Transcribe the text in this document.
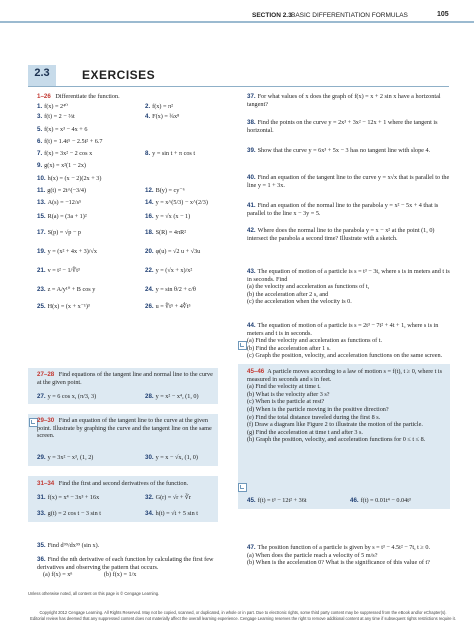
SECTION 2.3 BASIC DIFFERENTIATION FORMULAS	105
2.3	EXERCISES
1–26 Differentiate the function.
1. f(x) = 2⁴⁰	2. f(x) = π²
3. f(t) = 2 − ⅔t	4. F(x) = ¾x⁸
5. f(x) = x³ − 4x + 6
6. f(t) = 1.4t⁵ − 2.5t² + 6.7
7. f(x) = 3x² − 2 cos x	8. y = sin t + π cos t
9. g(x) = x²(1 − 2x)
10. h(x) = (x − 2)(2x + 3)
11. g(t) = 2t^(−3/4)	12. B(y) = cy⁻⁶
13. A(s) = −12/s⁵	14. y = x^(5/3) − x^(2/3)
15. R(a) = (3a + 1)²	16. y = √x (x − 1)
17. S(p) = √p − p	18. S(R) = 4πR²
19. y = (x² + 4x + 3)/√x	20. φ(u) = √2 u + √3u
21. v = t² − 1/∜t³	22. y = (√x + x)/x²
23. z = A/y¹⁰ + B cos y	24. y = sin θ/2 + c/θ
25. H(x) = (x + x⁻¹)³	26. u = ∜t⁵ + 4∜t⁵
27–28 Find equations of the tangent line and normal line to the curve at the given point.
27. y = 6 cos x, (π/3, 3)	28. y = x² − x⁴, (1, 0)
29–30 Find an equation of the tangent line to the curve at the given point. Illustrate by graphing the curve and the tangent line on the same screen.
29. y = 3x² − x³, (1, 2)	30. y = x − √x, (1, 0)
31–34 Find the first and second derivatives of the function.
31. f(x) = x⁴ − 3x³ + 16x	32. G(r) = √r + ∛r
33. g(t) = 2 cos t − 3 sin t	34. h(t) = √t + 5 sin t
35. Find d⁹⁹/dx⁹⁹ (sin x).
36. Find the nth derivative of each function by calculating the first few derivatives and observing the pattern that occurs.
(a) f(x) = xⁿ	(b) f(x) = 1/x
Unless otherwise noted, all content on this page is © Cengage Learning.
37. For what values of x does the graph of f(x) = x + 2 sin x have a horizontal tangent?
38. Find the points on the curve y = 2x³ + 3x² − 12x + 1 where the tangent is horizontal.
39. Show that the curve y = 6x³ + 5x − 3 has no tangent line with slope 4.
40. Find an equation of the tangent line to the curve y = x√x that is parallel to the line y = 1 + 3x.
41. Find an equation of the normal line to the parabola y = x² − 5x + 4 that is parallel to the line x − 3y = 5.
42. Where does the normal line to the parabola y = x − x² at the point (1, 0) intersect the parabola a second time? Illustrate with a sketch.
43. The equation of motion of a particle is s = t³ − 3t, where s is in meters and t is in seconds. Find
(a) the velocity and acceleration as functions of t,
(b) the acceleration after 2 s, and
(c) the acceleration when the velocity is 0.
44. The equation of motion of a particle is s = 2t³ − 7t² + 4t + 1, where s is in meters and t is in seconds.
(a) Find the velocity and acceleration as functions of t.
(b) Find the acceleration after 1 s.
(c) Graph the position, velocity, and acceleration functions on the same screen.
45–46 A particle moves according to a law of motion s = f(t), t ≥ 0, where t is measured in seconds and s in feet.
(a) Find the velocity at time t.
(b) What is the velocity after 3 s?
(c) When is the particle at rest?
(d) When is the particle moving in the positive direction?
(e) Find the total distance traveled during the first 8 s.
(f) Draw a diagram like Figure 2 to illustrate the motion of the particle.
(g) Find the acceleration at time t and after 3 s.
(h) Graph the position, velocity, and acceleration functions for 0 ≤ t ≤ 8.
45. f(t) = t³ − 12t² + 36t	46. f(t) = 0.01t⁴ − 0.04t³
47. The position function of a particle is given by s = t³ − 4.5t² − 7t, t ≥ 0.
(a) When does the particle reach a velocity of 5 m/s?
(b) When is the acceleration 0? What is the significance of this value of t?
Copyright 2012 Cengage Learning. All Rights Reserved. May not be copied, scanned, or duplicated, in whole or in part. Due to electronic rights, some third party content may be suppressed from the eBook and/or eChapter(s).
Editorial review has deemed that any suppressed content does not materially affect the overall learning experience. Cengage Learning reserves the right to remove additional content at any time if subsequent rights restrictions require it.
